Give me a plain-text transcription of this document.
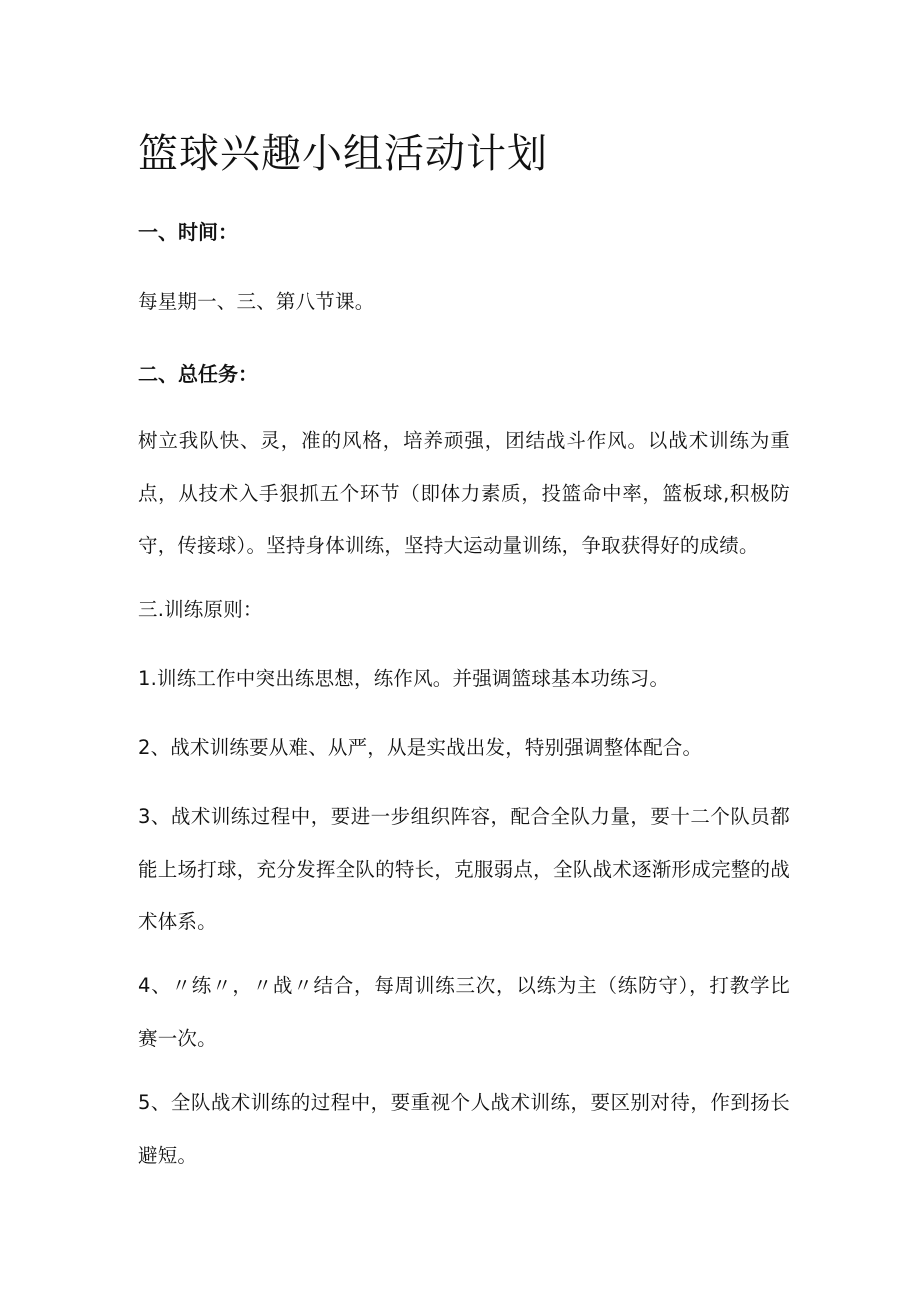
篮球兴趣小组活动计划
一、时间：

每星期一、三、第八节课。

二、总任务：

树立我队快、灵，准的风格，培养顽强，团结战斗作风。以战术训练为重点，从技术入手狠抓五个环节（即体力素质，投篮命中率，篮板球,积极防守，传接球）。坚持身体训练，坚持大运动量训练，争取获得好的成绩。

三.训练原则：

1.训练工作中突出练思想，练作风。并强调篮球基本功练习。

2、战术训练要从难、从严，从是实战出发，特别强调整体配合。

3、战术训练过程中，要进一步组织阵容，配合全队力量，要十二个队员都能上场打球，充分发挥全队的特长，克服弱点，全队战术逐渐形成完整的战术体系。

4、〃练〃，〃战〃结合，每周训练三次，以练为主（练防守），打教学比赛一次。

5、全队战术训练的过程中，要重视个人战术训练，要区别对待，作到扬长避短。
